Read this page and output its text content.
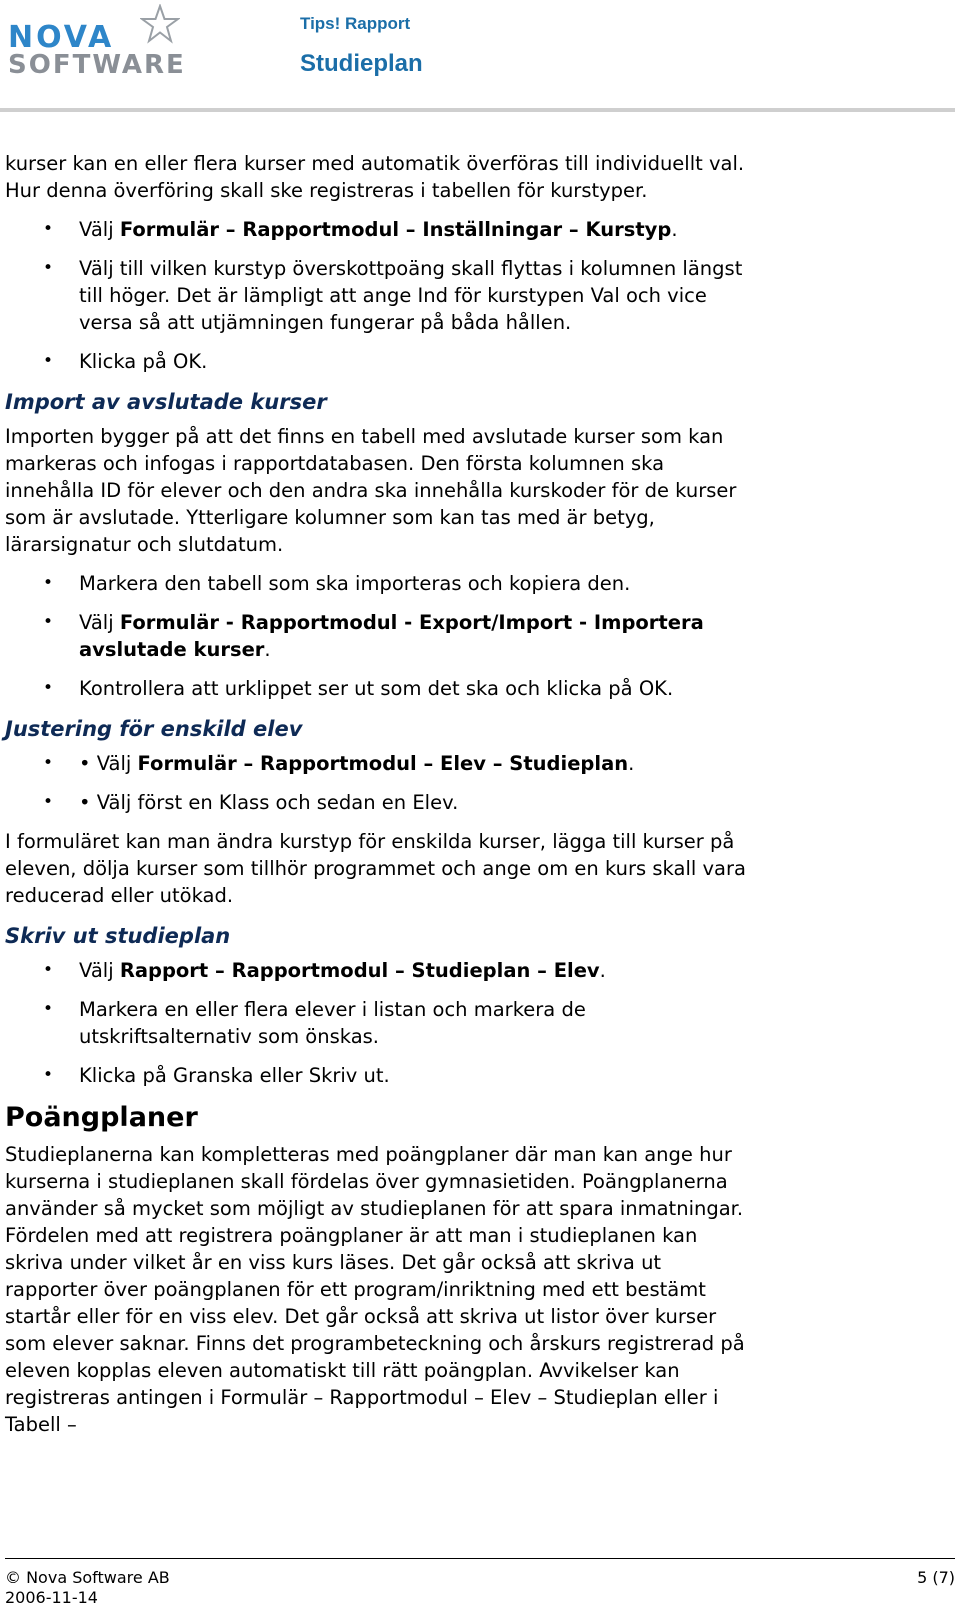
NOVA
SOFTWARE
Tips! Rapport
Studieplan

kurser kan en eller flera kurser med automatik överföras till individuellt val. Hur denna överföring skall ske registreras i tabellen för kurstyper.

• Välj Formulär – Rapportmodul – Inställningar – Kurstyp.
• Välj till vilken kurstyp överskottpoäng skall flyttas i kolumnen längst till höger. Det är lämpligt att ange Ind för kurstypen Val och vice versa så att utjämningen fungerar på båda hållen.
• Klicka på OK.

Import av avslutade kurser

Importen bygger på att det finns en tabell med avslutade kurser som kan markeras och infogas i rapportdatabasen. Den första kolumnen ska innehålla ID för elever och den andra ska innehålla kurskoder för de kurser som är avslutade. Ytterligare kolumner som kan tas med är betyg, lärarsignatur och slutdatum.

• Markera den tabell som ska importeras och kopiera den.
• Välj Formulär - Rapportmodul - Export/Import - Importera avslutade kurser.
• Kontrollera att urklippet ser ut som det ska och klicka på OK.

Justering för enskild elev

• • Välj Formulär – Rapportmodul – Elev – Studieplan.
• • Välj först en Klass och sedan en Elev.

I formuläret kan man ändra kurstyp för enskilda kurser, lägga till kurser på eleven, dölja kurser som tillhör programmet och ange om en kurs skall vara reducerad eller utökad.

Skriv ut studieplan

• Välj Rapport – Rapportmodul – Studieplan – Elev.
• Markera en eller flera elever i listan och markera de utskriftsalternativ som önskas.
• Klicka på Granska eller Skriv ut.

Poängplaner

Studieplanerna kan kompletteras med poängplaner där man kan ange hur kurserna i studieplanen skall fördelas över gymnasietiden. Poängplanerna använder så mycket som möjligt av studieplanen för att spara inmatningar. Fördelen med att registrera poängplaner är att man i studieplanen kan skriva under vilket år en viss kurs läses. Det går också att skriva ut rapporter över poängplanen för ett program/inriktning med ett bestämt startår eller för en viss elev. Det går också att skriva ut listor över kurser som elever saknar. Finns det programbeteckning och årskurs registrerad på eleven kopplas eleven automatiskt till rätt poängplan. Avvikelser kan registreras antingen i Formulär – Rapportmodul – Elev – Studieplan eller i Tabell –

© Nova Software AB
2006-11-14
5 (7)
